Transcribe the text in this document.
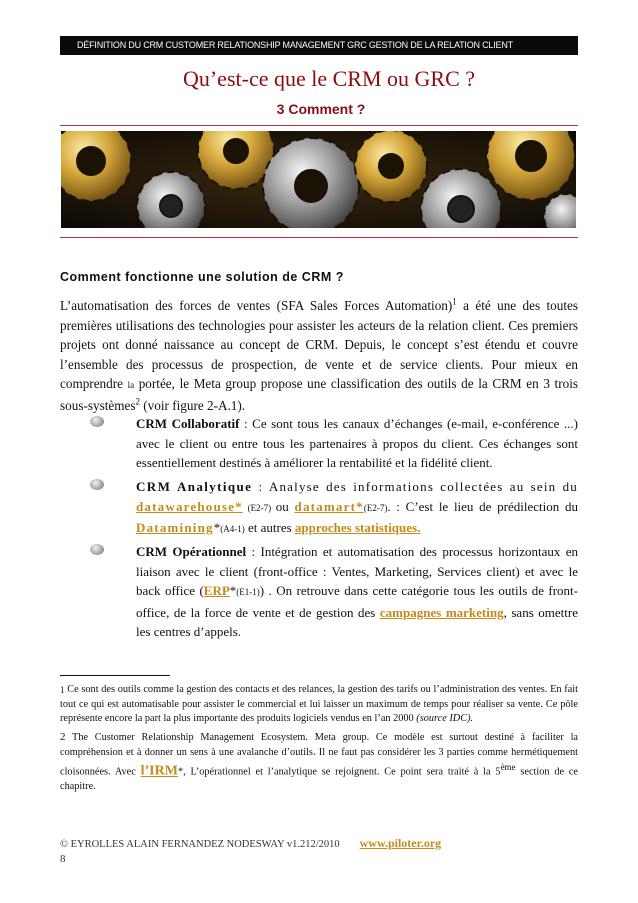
DÉFINITION DU CRM CUSTOMER RELATIONSHIP MANAGEMENT GRC GESTION DE LA RELATION CLIENT
Qu’est-ce que le CRM ou GRC ?
3 Comment ?
Comment fonctionne une solution de CRM ?

L’automatisation des forces de ventes (SFA Sales Forces Automation)$^1$ a été une des toutes premières utilisations des technologies pour assister les acteurs de la relation client. Ces premiers projets ont donné naissance au concept de CRM. Depuis, le concept s’est étendu et couvre l’ensemble des processus de prospection, de vente et de service clients. Pour mieux en comprendre la portée, le Meta group propose une classification des outils de la CRM en 3 trois sous-systèmes$^2$ (voir figure 2-A.1).

CRM Collaboratif : Ce sont tous les canaux d’échanges (e-mail, e-conférence ...) avec le client ou entre tous les partenaires à propos du client. Ces échanges sont essentiellement destinés à améliorer la rentabilité et la fidélité client.

CRM Analytique : Analyse des informations collectées au sein du datawarehouse* (E2-7) ou datamart*(E2-7). : C’est le lieu de prédilection du Datamining*(A4-1) et autres approches statistiques.

CRM Opérationnel : Intégration et automatisation des processus horizontaux en liaison avec le client (front-office : Ventes, Marketing, Services client) et avec le back office (ERP*(E1-1)) . On retrouve dans cette catégorie tous les outils de front-office, de la force de vente et de gestion des campagnes marketing, sans omettre les centres d’appels.

1 Ce sont des outils comme la gestion des contacts et des relances, la gestion des tarifs ou l’administration des ventes. En fait tout ce qui est automatisable pour assister le commercial et lui laisser un maximum de temps pour réaliser sa vente. Ce pôle représente encore la part la plus importante des produits logiciels vendus en l’an 2000 (source IDC).

2 The Customer Relationship Management Ecosystem. Meta group. Ce modèle est surtout destiné à faciliter la compréhension et à donner un sens à une avalanche d’outils. Il ne faut pas considérer les 3 parties comme hermétiquement cloisonnées. Avec l’IRM*, L’opérationnel et l’analytique se rejoignent. Ce point sera traité à la 5ème section de ce chapitre.

© EYROLLES ALAIN FERNANDEZ NODESWAY v1.212/2010 www.piloter.org
8
